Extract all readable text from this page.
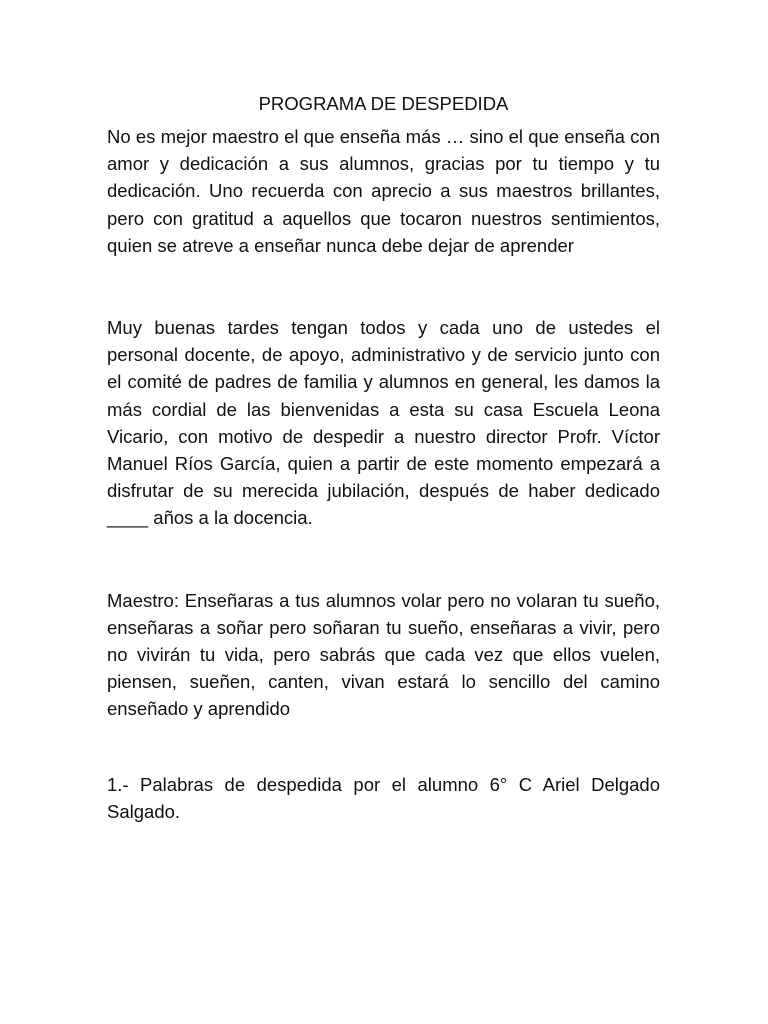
PROGRAMA DE DESPEDIDA

No es mejor maestro el que enseña más … sino el que enseña con amor y dedicación a sus alumnos, gracias por tu tiempo y tu dedicación. Uno recuerda con aprecio a sus maestros brillantes, pero con gratitud a aquellos que tocaron nuestros sentimientos, quien se atreve a enseñar nunca debe dejar de aprender

Muy buenas tardes tengan todos y cada uno de ustedes el personal docente, de apoyo, administrativo y de servicio junto con el comité de padres de familia y alumnos en general, les damos la más cordial de las bienvenidas a esta su casa Escuela Leona Vicario, con motivo de despedir a nuestro director Profr. Víctor Manuel Ríos García, quien a partir de este momento empezará a disfrutar de su merecida jubilación, después de haber dedicado ____ años a la docencia.

Maestro: Enseñaras a tus alumnos volar pero no volaran tu sueño, enseñaras a soñar pero soñaran tu sueño, enseñaras a vivir, pero no vivirán tu vida, pero sabrás que cada vez que ellos vuelen, piensen, sueñen, canten, vivan estará lo sencillo del camino enseñado y aprendido

1.- Palabras de despedida por el alumno 6° C Ariel Delgado Salgado.
